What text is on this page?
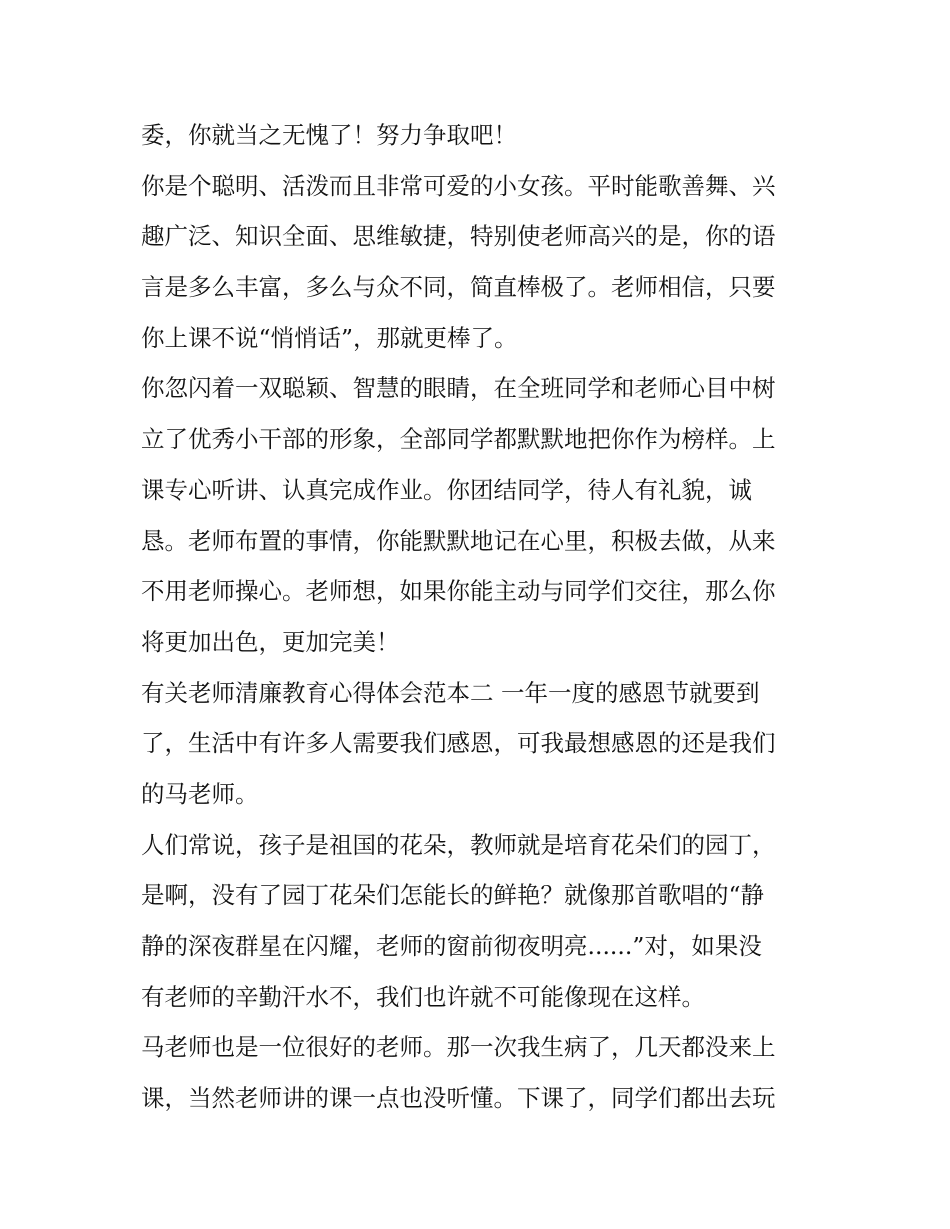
委，你就当之无愧了！努力争取吧！
你是个聪明、活泼而且非常可爱的小女孩。平时能歌善舞、兴
趣广泛、知识全面、思维敏捷，特别使老师高兴的是，你的语
言是多么丰富，多么与众不同，简直棒极了。老师相信，只要
你上课不说“悄悄话”，那就更棒了。
你忽闪着一双聪颖、智慧的眼睛，在全班同学和老师心目中树
立了优秀小干部的形象，全部同学都默默地把你作为榜样。上
课专心听讲、认真完成作业。你团结同学，待人有礼貌，诚
恳。老师布置的事情，你能默默地记在心里，积极去做，从来
不用老师操心。老师想，如果你能主动与同学们交往，那么你
将更加出色，更加完美！
有关老师清廉教育心得体会范本二 一年一度的感恩节就要到
了，生活中有许多人需要我们感恩，可我最想感恩的还是我们
的马老师。
人们常说，孩子是祖国的花朵，教师就是培育花朵们的园丁，
是啊，没有了园丁花朵们怎能长的鲜艳？就像那首歌唱的“静
静的深夜群星在闪耀，老师的窗前彻夜明亮......”对，如果没
有老师的辛勤汗水不，我们也许就不可能像现在这样。
马老师也是一位很好的老师。那一次我生病了，几天都没来上
课，当然老师讲的课一点也没听懂。下课了，同学们都出去玩
